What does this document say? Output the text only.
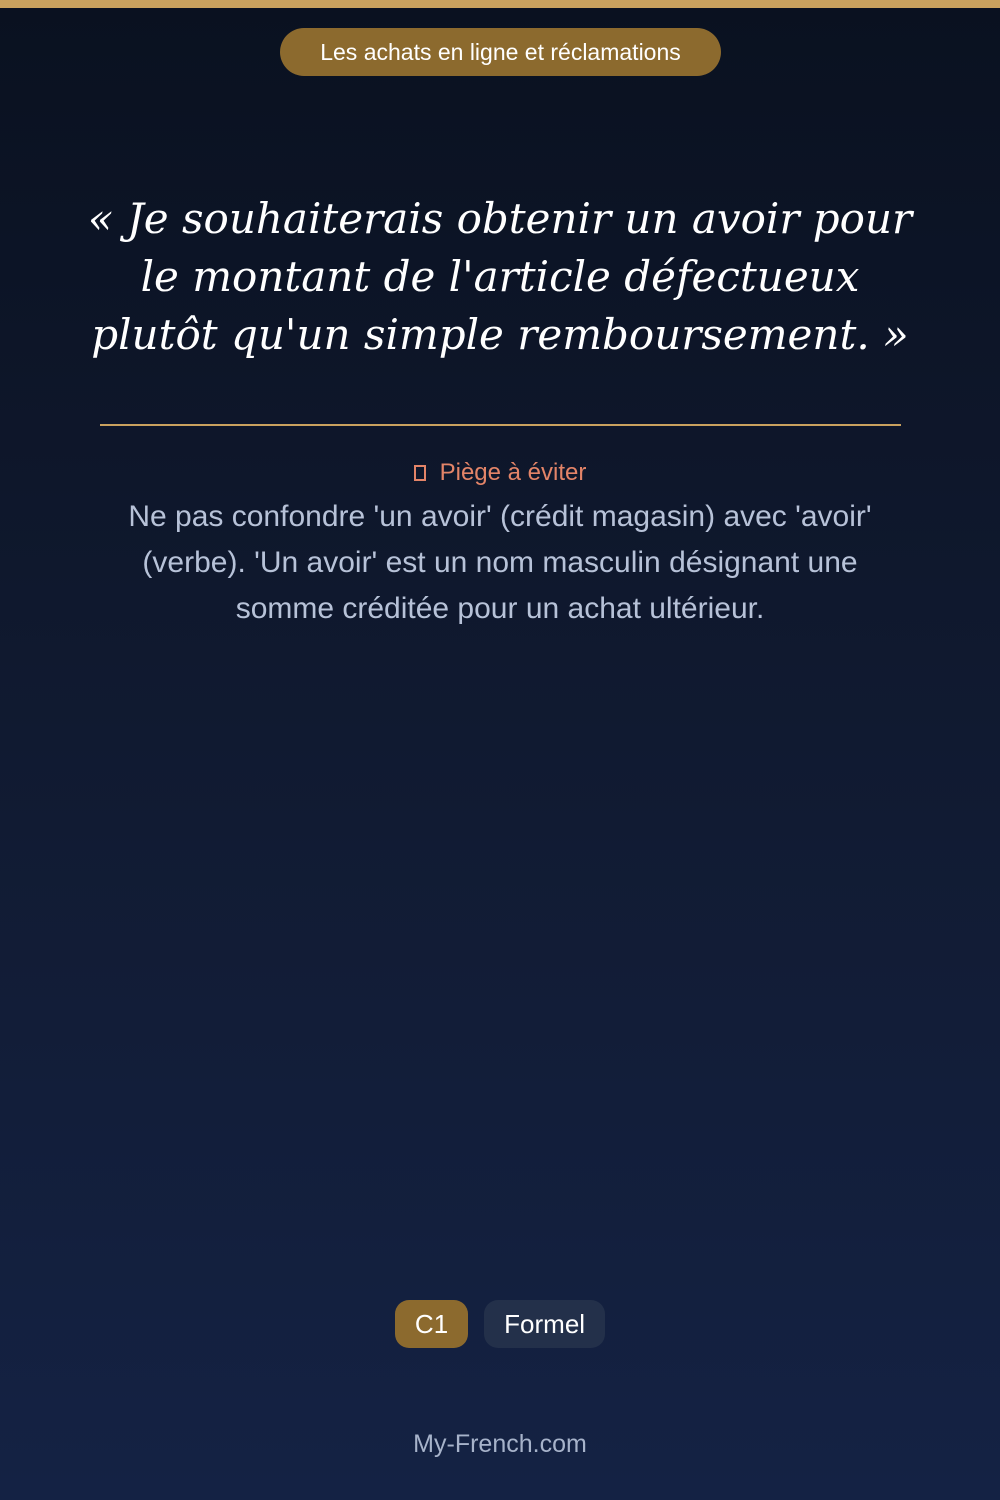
Les achats en ligne et réclamations
« Je souhaiterais obtenir un avoir pour le montant de l'article défectueux plutôt qu'un simple remboursement. »
Piège à éviter

Ne pas confondre 'un avoir' (crédit magasin) avec 'avoir' (verbe). 'Un avoir' est un nom masculin désignant une somme créditée pour un achat ultérieur.

C1 Formel
My-French.com
